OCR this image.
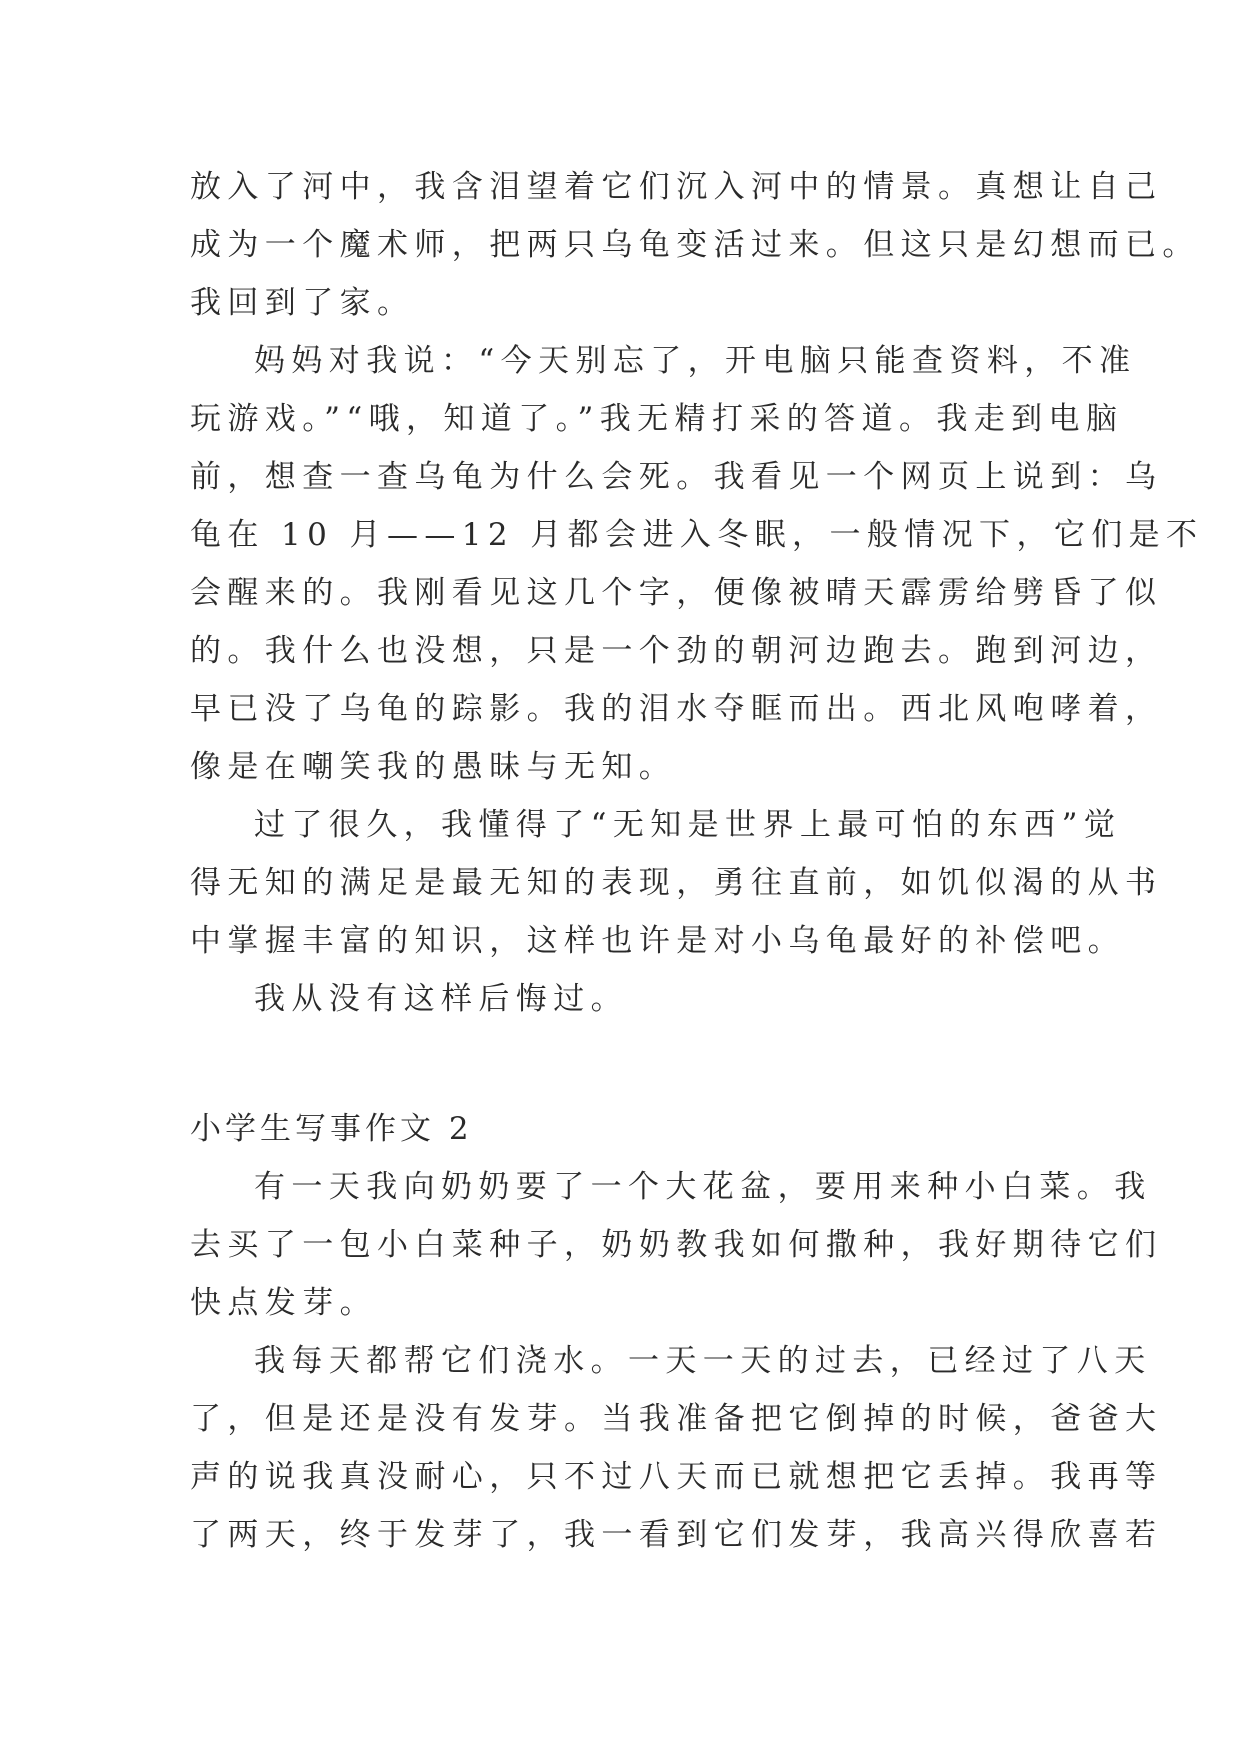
放入了河中，我含泪望着它们沉入河中的情景。真想让自己
成为一个魔术师，把两只乌龟变活过来。但这只是幻想而已。
我回到了家。
妈妈对我说：“今天别忘了，开电脑只能查资料，不准
玩游戏。”“哦，知道了。”我无精打采的答道。我走到电脑
前，想查一查乌龟为什么会死。我看见一个网页上说到：乌
龟在 10 月——12 月都会进入冬眠，一般情况下，它们是不
会醒来的。我刚看见这几个字，便像被晴天霹雳给劈昏了似
的。我什么也没想，只是一个劲的朝河边跑去。跑到河边，
早已没了乌龟的踪影。我的泪水夺眶而出。西北风咆哮着，
像是在嘲笑我的愚昧与无知。
过了很久，我懂得了“无知是世界上最可怕的东西”觉
得无知的满足是最无知的表现，勇往直前，如饥似渴的从书
中掌握丰富的知识，这样也许是对小乌龟最好的补偿吧。
我从没有这样后悔过。
小学生写事作文 2
有一天我向奶奶要了一个大花盆，要用来种小白菜。我
去买了一包小白菜种子，奶奶教我如何撒种，我好期待它们
快点发芽。
我每天都帮它们浇水。一天一天的过去，已经过了八天
了，但是还是没有发芽。当我准备把它倒掉的时候，爸爸大
声的说我真没耐心，只不过八天而已就想把它丢掉。我再等
了两天，终于发芽了，我一看到它们发芽，我高兴得欣喜若
